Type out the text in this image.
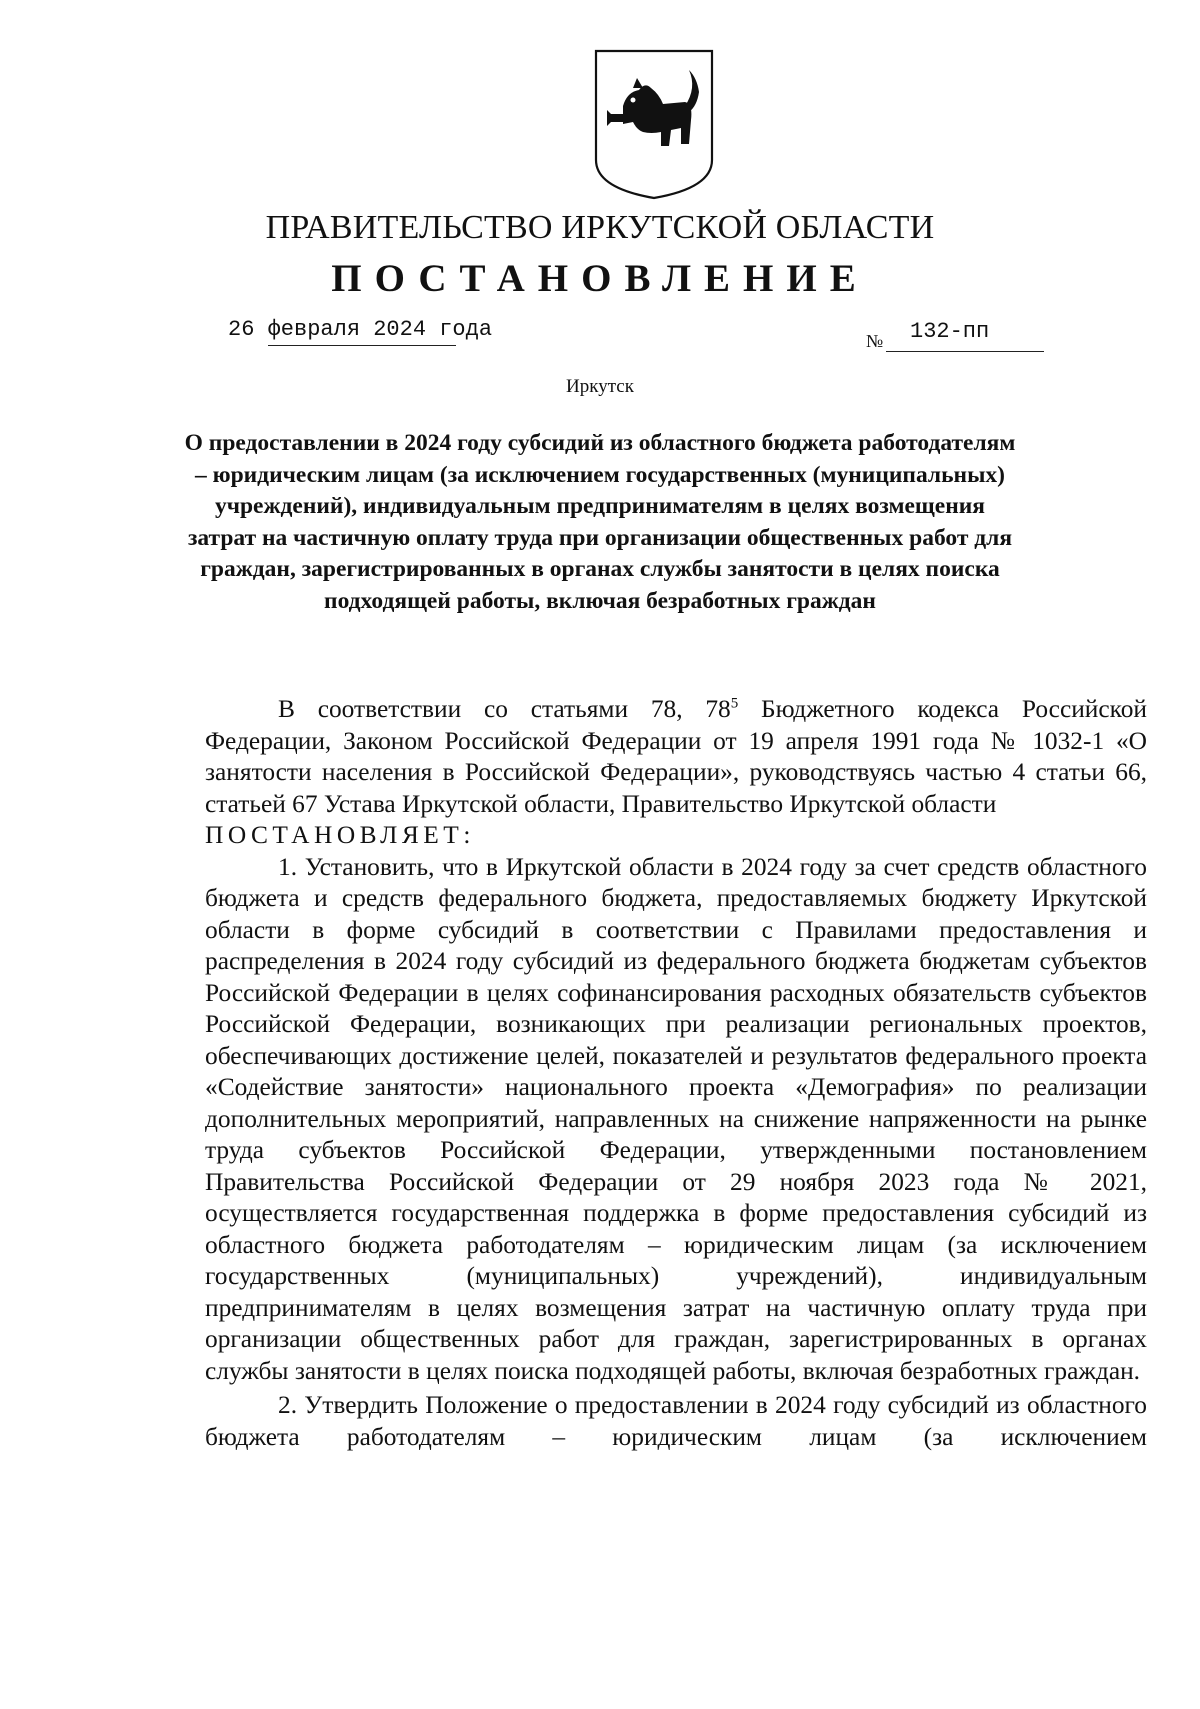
ПРАВИТЕЛЬСТВО ИРКУТСКОЙ ОБЛАСТИ
ПОСТАНОВЛЕНИЕ
26 февраля 2024 года	№ 132-пп
Иркутск
О предоставлении в 2024 году субсидий из областного бюджета работодателям – юридическим лицам (за исключением государственных (муниципальных) учреждений), индивидуальным предпринимателям в целях возмещения затрат на частичную оплату труда при организации общественных работ для граждан, зарегистрированных в органах службы занятости в целях поиска подходящей работы, включая безработных граждан

В соответствии со статьями 78, $78^5$ Бюджетного кодекса Российской Федерации, Законом Российской Федерации от 19 апреля 1991 года № 1032-1 «О занятости населения в Российской Федерации», руководствуясь частью 4 статьи 66, статьей 67 Устава Иркутской области, Правительство Иркутской области

ПОСТАНОВЛЯЕТ:

1. Установить, что в Иркутской области в 2024 году за счет средств областного бюджета и средств федерального бюджета, предоставляемых бюджету Иркутской области в форме субсидий в соответствии с Правилами предоставления и распределения в 2024 году субсидий из федерального бюджета бюджетам субъектов Российской Федерации в целях софинансирования расходных обязательств субъектов Российской Федерации, возникающих при реализации региональных проектов, обеспечивающих достижение целей, показателей и результатов федерального проекта «Содействие занятости» национального проекта «Демография» по реализации дополнительных мероприятий, направленных на снижение напряженности на рынке труда субъектов Российской Федерации, утвержденными постановлением Правительства Российской Федерации от 29 ноября 2023 года № 2021, осуществляется государственная поддержка в форме предоставления субсидий из областного бюджета работодателям – юридическим лицам (за исключением государственных (муниципальных) учреждений), индивидуальным предпринимателям в целях возмещения затрат на частичную оплату труда при организации общественных работ для граждан, зарегистрированных в органах службы занятости в целях поиска подходящей работы, включая безработных граждан.

2. Утвердить Положение о предоставлении в 2024 году субсидий из областного бюджета работодателям – юридическим лицам (за исключением
